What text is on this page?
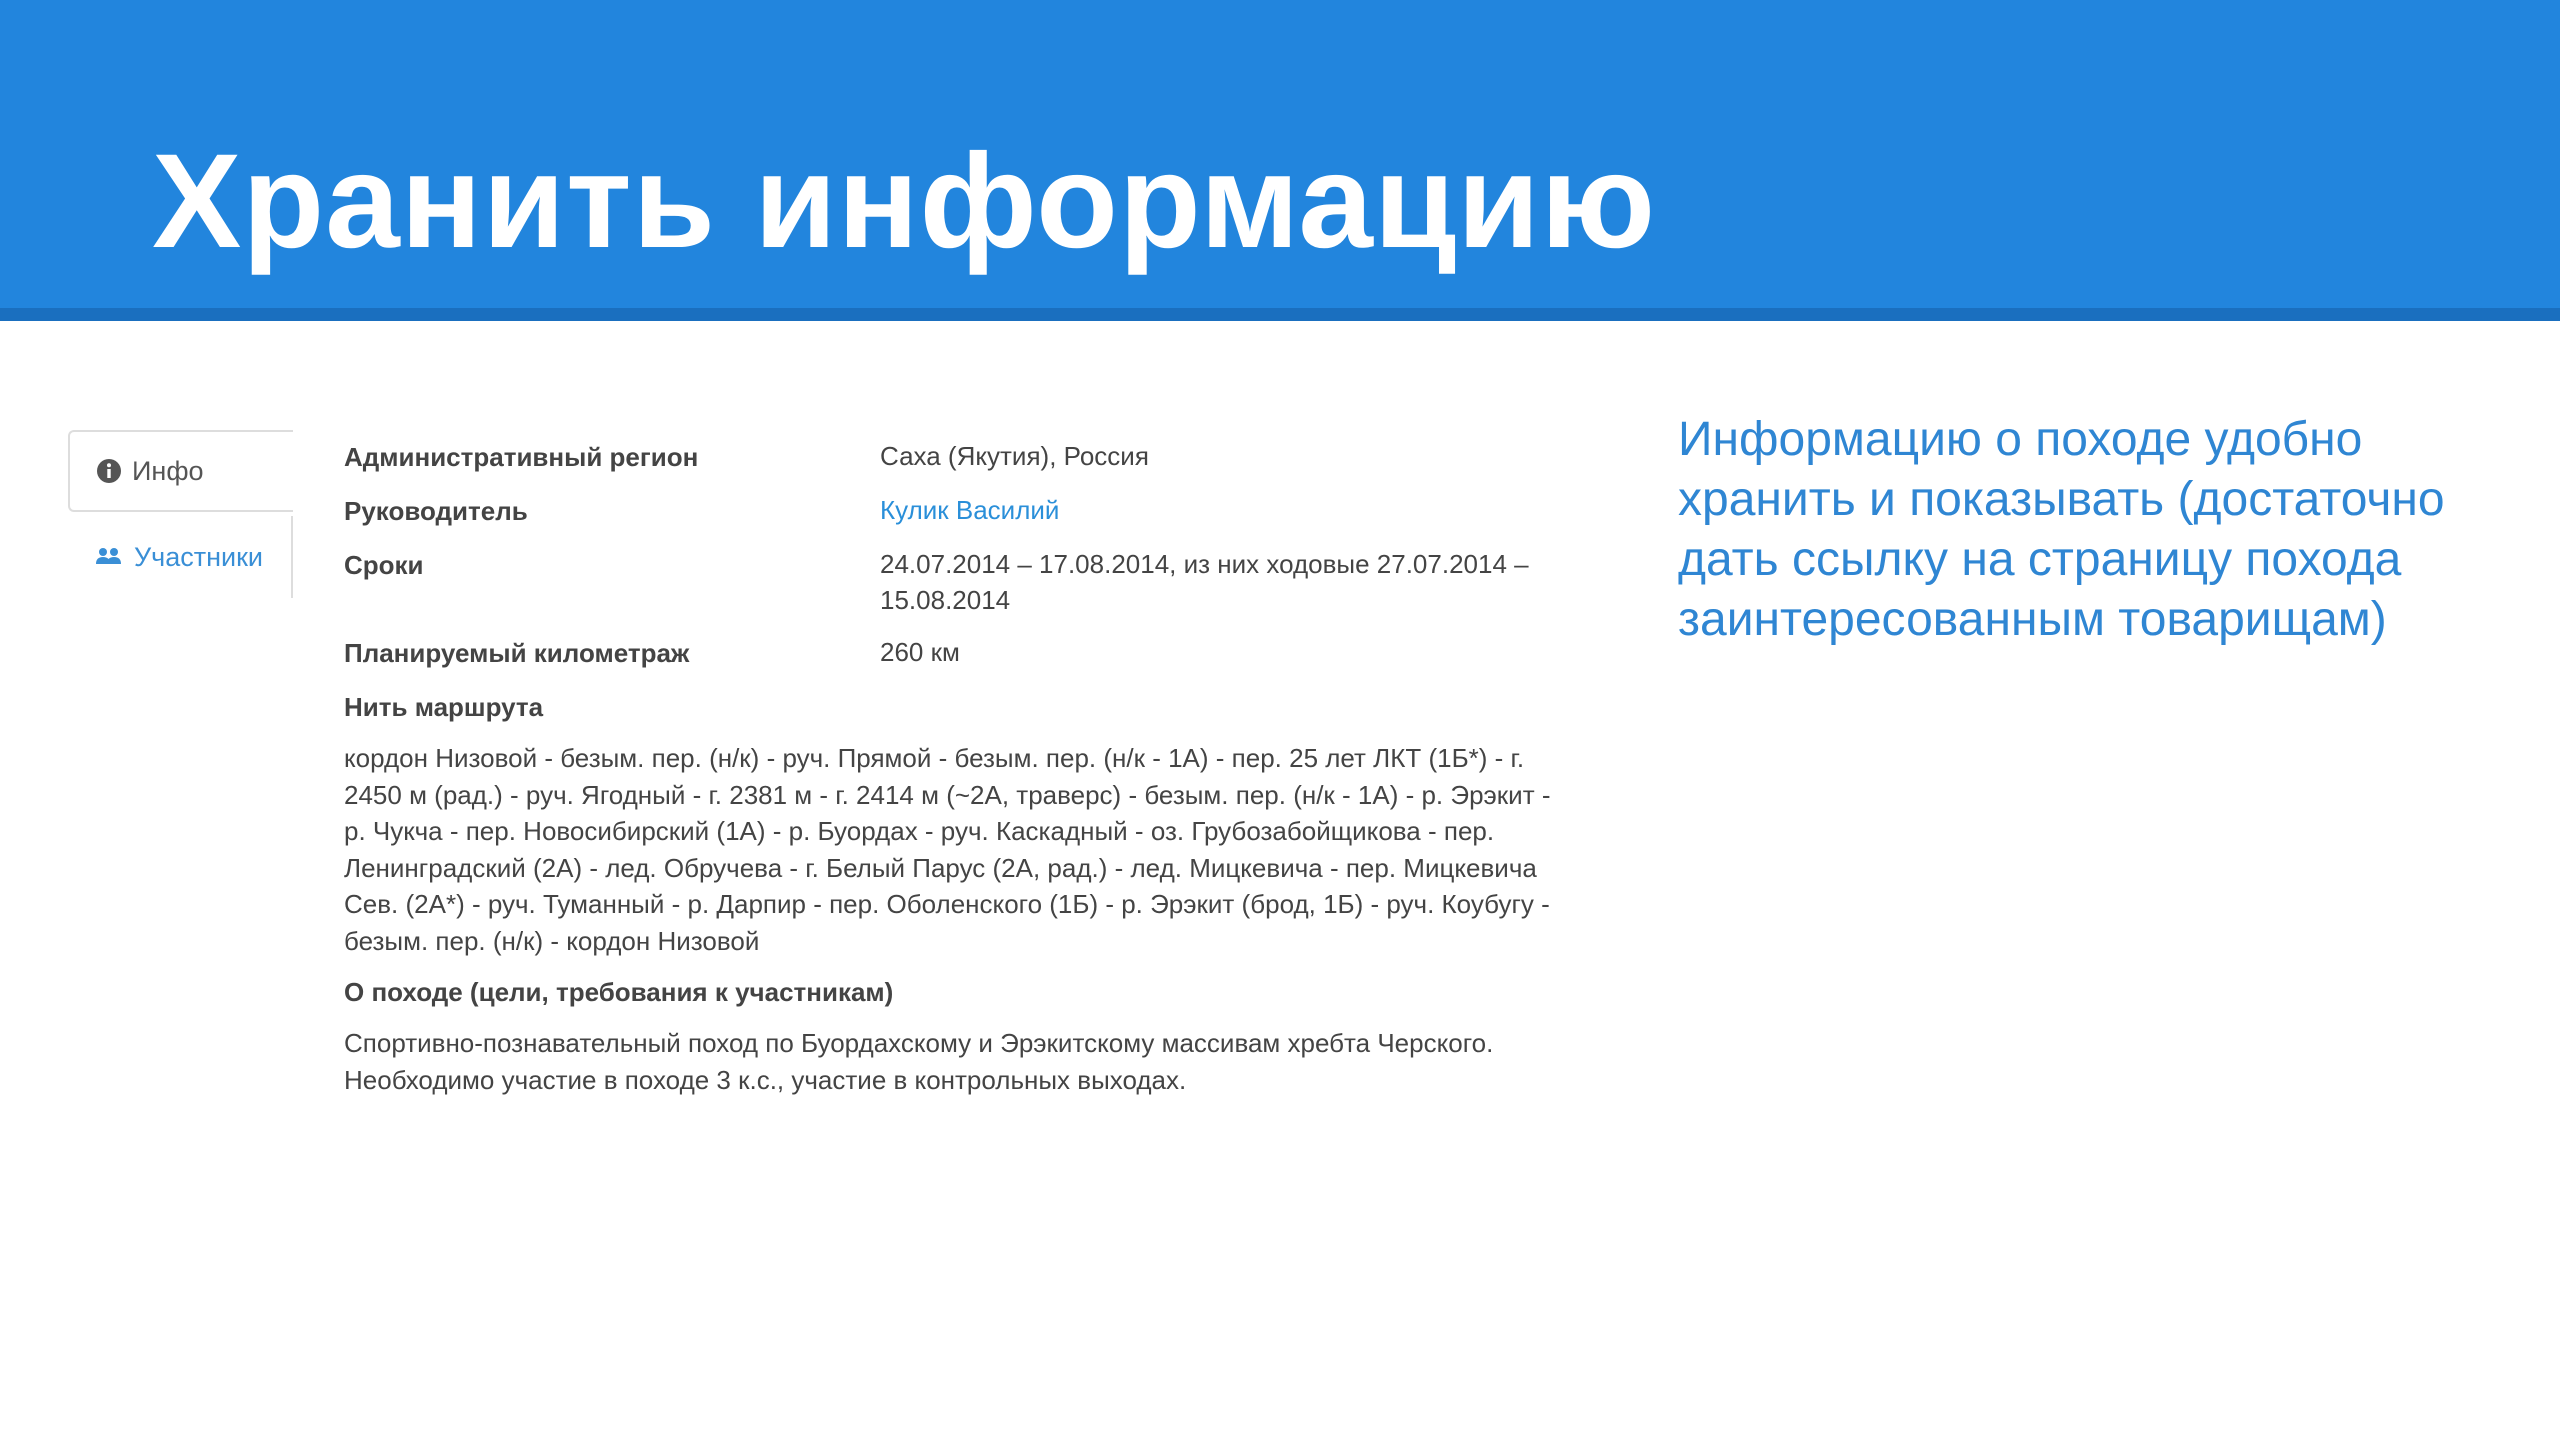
Хранить информацию
Инфо
Участники
Административный регион	Саха (Якутия), Россия
Руководитель	Кулик Василий
Сроки	24.07.2014 – 17.08.2014, из них ходовые 27.07.2014 – 15.08.2014
Планируемый километраж	260 км
Нить маршрута
кордон Низовой - безым. пер. (н/к) - руч. Прямой - безым. пер. (н/к - 1А) - пер. 25 лет ЛКТ (1Б*) - г. 2450 м (рад.) - руч. Ягодный - г. 2381 м - г. 2414 м (~2А, траверс) - безым. пер. (н/к - 1А) - р. Эрэкит - р. Чукча - пер. Новосибирский (1А) - р. Буордах - руч. Каскадный - оз. Грубозабойщикова - пер. Ленинградский (2А) - лед. Обручева - г. Белый Парус (2А, рад.) - лед. Мицкевича - пер. Мицкевича Сев. (2А*) - руч. Туманный - р. Дарпир - пер. Оболенского (1Б) - р. Эрэкит (брод, 1Б) - руч. Коубугу - безым. пер. (н/к) - кордон Низовой
О походе (цели, требования к участникам)
Спортивно-познавательный поход по Буордахскому и Эрэкитскому массивам хребта Черского.
Необходимо участие в походе 3 к.с., участие в контрольных выходах.
Информацию о походе удобно хранить и показывать (достаточно дать ссылку на страницу похода заинтересованным товарищам)
